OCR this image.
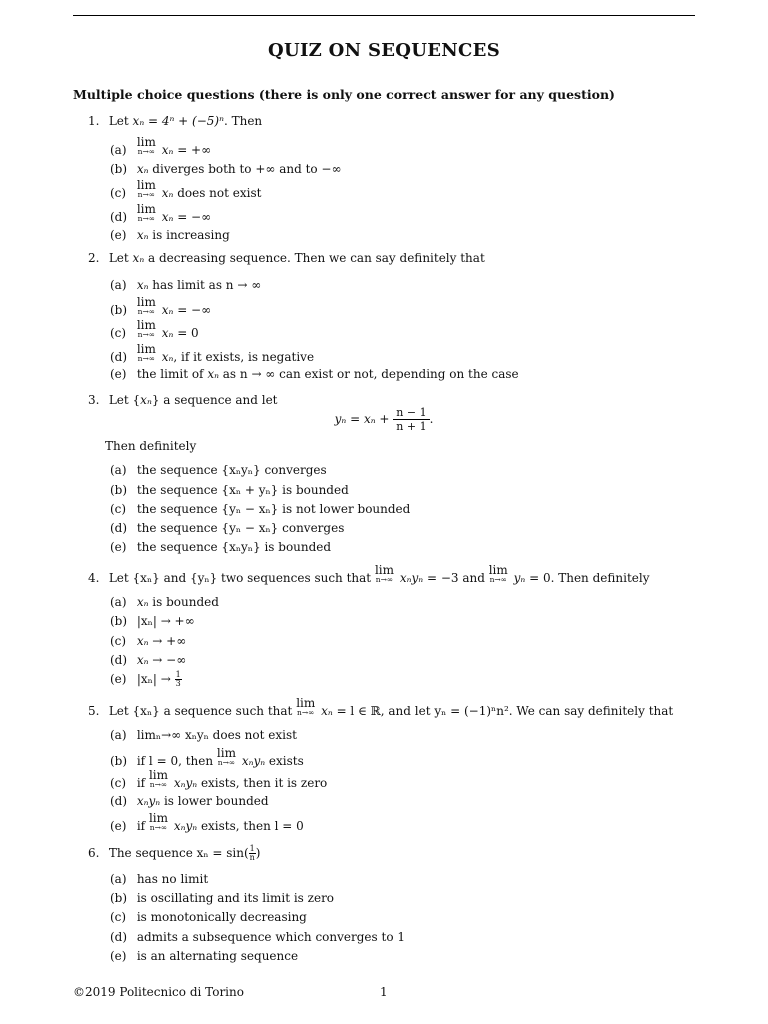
QUIZ ON SEQUENCES
Multiple choice questions (there is only one correct answer for any question)
1. Let xₙ = 4ⁿ + (−5)ⁿ. Then
(a)
lim
n→∞ xₙ = +∞
(b) xₙ diverges both to +∞ and to −∞
(c)
lim
n→∞ xₙ does not exist
(d)
lim
n→∞ xₙ = −∞
(e) xₙ is increasing
2. Let xₙ a decreasing sequence. Then we can say definitely that
(a) xₙ has limit as n → ∞
(b)
lim
n→∞ xₙ = −∞
(c)
lim
n→∞ xₙ = 0
(d)
lim
n→∞ xₙ, if it exists, is negative
(e) the limit of xₙ as n → ∞ can exist or not, depending on the case
3. Let {xₙ} a sequence and let
$y_n = x_n + \frac{n - 1}{n + 1}$ .
Then definitely
(a) the sequence {xₙyₙ} converges
(b) the sequence {xₙ + yₙ} is bounded
(c) the sequence {yₙ − xₙ} is not lower bounded
(d) the sequence {yₙ − xₙ} converges
(e) the sequence {xₙyₙ} is bounded
4. Let {xₙ} and {yₙ} two sequences such that
lim
n→∞ xₙyₙ = −3 and
lim
n→∞ yₙ = 0. Then definitely
(a) xₙ is bounded
(b) |xₙ| → +∞
(c) xₙ → +∞
(d) xₙ → −∞
(e) $|x_n| \to \frac{1}{3}$
5. Let {xₙ} a sequence such that
lim
n→∞ xₙ = l ∈ ℝ, and let yₙ = (−1)ⁿn². We can say definitely that
(a) limₙ→∞ xₙyₙ does not exist
(b) if l = 0, then
lim
n→∞ xₙyₙ exists
(c) if
lim
n→∞ xₙyₙ exists, then it is zero
(d) xₙyₙ is lower bounded
(e) if
lim
n→∞ xₙyₙ exists, then l = 0
6. The sequence $x_n = \sin( \frac{1}{n})$
(a) has no limit
(b) is oscillating and its limit is zero
(c) is monotonically decreasing
(d) admits a subsequence which converges to 1
(e) is an alternating sequence
©2019 Politecnico di Torino	1
